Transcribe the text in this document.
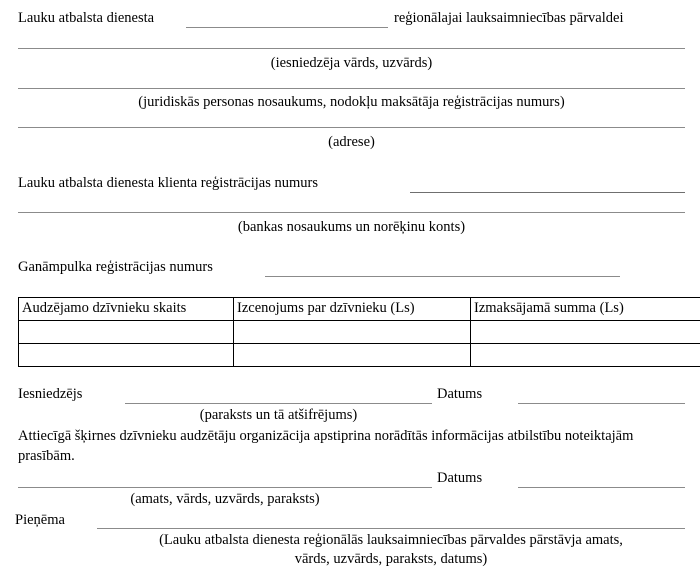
Lauku atbalsta dienesta	reģionālajai lauksaimniecības pārvaldei
(iesniedzēja vārds, uzvārds)
(juridiskās personas nosaukums, nodokļu maksātāja reģistrācijas numurs)
(adrese)
Lauku atbalsta dienesta klienta reģistrācijas numurs
(bankas nosaukums un norēķinu konts)
Ganāmpulka reģistrācijas numurs
Audzējamo dzīvnieku skaits	Izcenojums par dzīvnieku (Ls)	Izmaksājamā summa (Ls)

Iesniedzējs	Datums
(paraksts un tā atšifrējums)
Attiecīgā šķirnes dzīvnieku audzētāju organizācija apstiprina norādītās informācijas atbilstību noteiktajām prasībām.
Datums
(amats, vārds, uzvārds, paraksts)
Pieņēma
(Lauku atbalsta dienesta reģionālās lauksaimniecības pārvaldes pārstāvja amats,
vārds, uzvārds, paraksts, datums)
